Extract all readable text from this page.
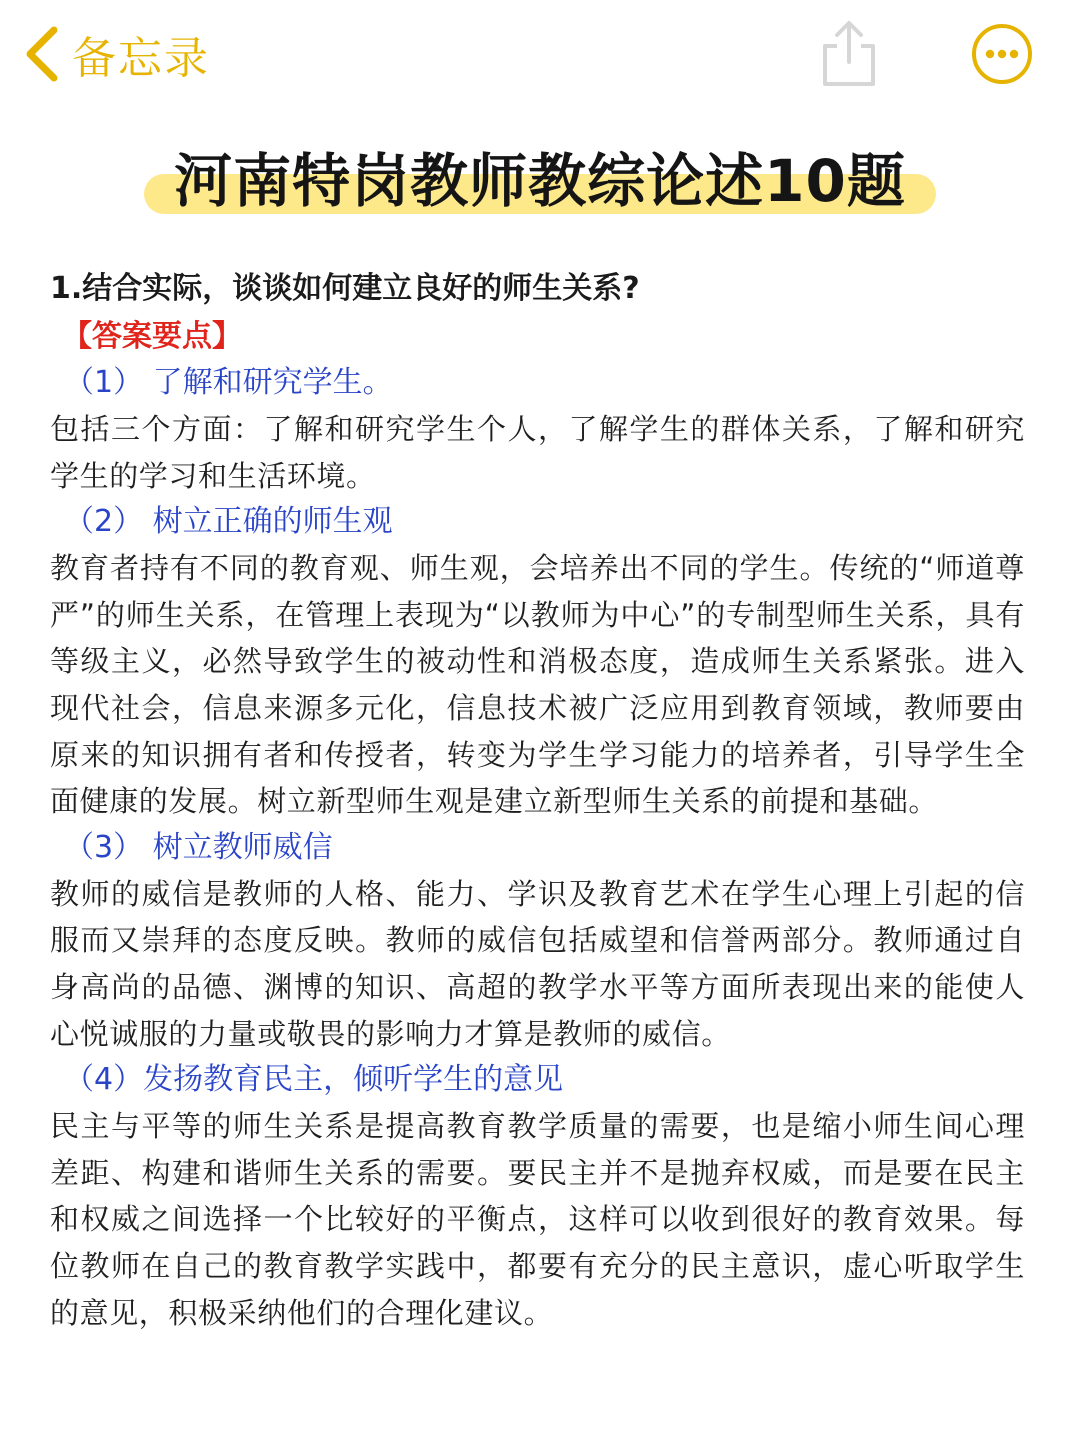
备忘录
河南特岗教师教综论述10题

1.结合实际，谈谈如何建立良好的师生关系?

【答案要点】

（1） 了解和研究学生。

包括三个方面：了解和研究学生个人，了解学生的群体关系，了解和研究学生的学习和生活环境。

（2） 树立正确的师生观

教育者持有不同的教育观、师生观，会培养出不同的学生。传统的“师道尊严”的师生关系，在管理上表现为“以教师为中心”的专制型师生关系，具有等级主义，必然导致学生的被动性和消极态度，造成师生关系紧张。进入现代社会，信息来源多元化，信息技术被广泛应用到教育领域，教师要由原来的知识拥有者和传授者，转变为学生学习能力的培养者，引导学生全面健康的发展。树立新型师生观是建立新型师生关系的前提和基础。

（3） 树立教师威信

教师的威信是教师的人格、能力、学识及教育艺术在学生心理上引起的信服而又崇拜的态度反映。教师的威信包括威望和信誉两部分。教师通过自身高尚的品德、渊博的知识、高超的教学水平等方面所表现出来的能使人心悦诚服的力量或敬畏的影响力才算是教师的威信。

（4）发扬教育民主，倾听学生的意见

民主与平等的师生关系是提高教育教学质量的需要，也是缩小师生间心理差距、构建和谐师生关系的需要。要民主并不是抛弃权威，而是要在民主和权威之间选择一个比较好的平衡点，这样可以收到很好的教育效果。每位教师在自己的教育教学实践中，都要有充分的民主意识，虚心听取学生的意见，积极采纳他们的合理化建议。
